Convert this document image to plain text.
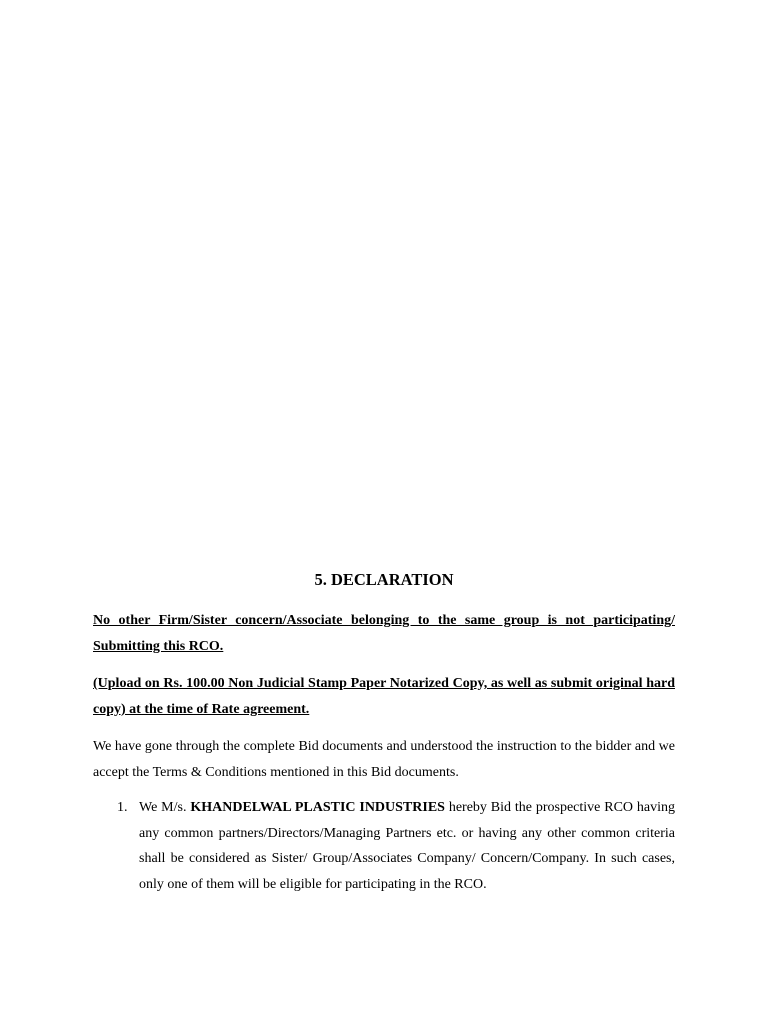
5. DECLARATION
No other Firm/Sister concern/Associate belonging to the same group is not participating/ Submitting this RCO.
(Upload on Rs. 100.00 Non Judicial Stamp Paper Notarized Copy, as well as submit original hard copy) at the time of Rate agreement.
We have gone through the complete Bid documents and understood the instruction to the bidder and we accept the Terms & Conditions mentioned in this Bid documents.
1. We M/s. KHANDELWAL PLASTIC INDUSTRIES hereby Bid the prospective RCO having any common partners/Directors/Managing Partners etc. or having any other common criteria shall be considered as Sister/ Group/Associates Company/ Concern/Company. In such cases, only one of them will be eligible for participating in the RCO.
